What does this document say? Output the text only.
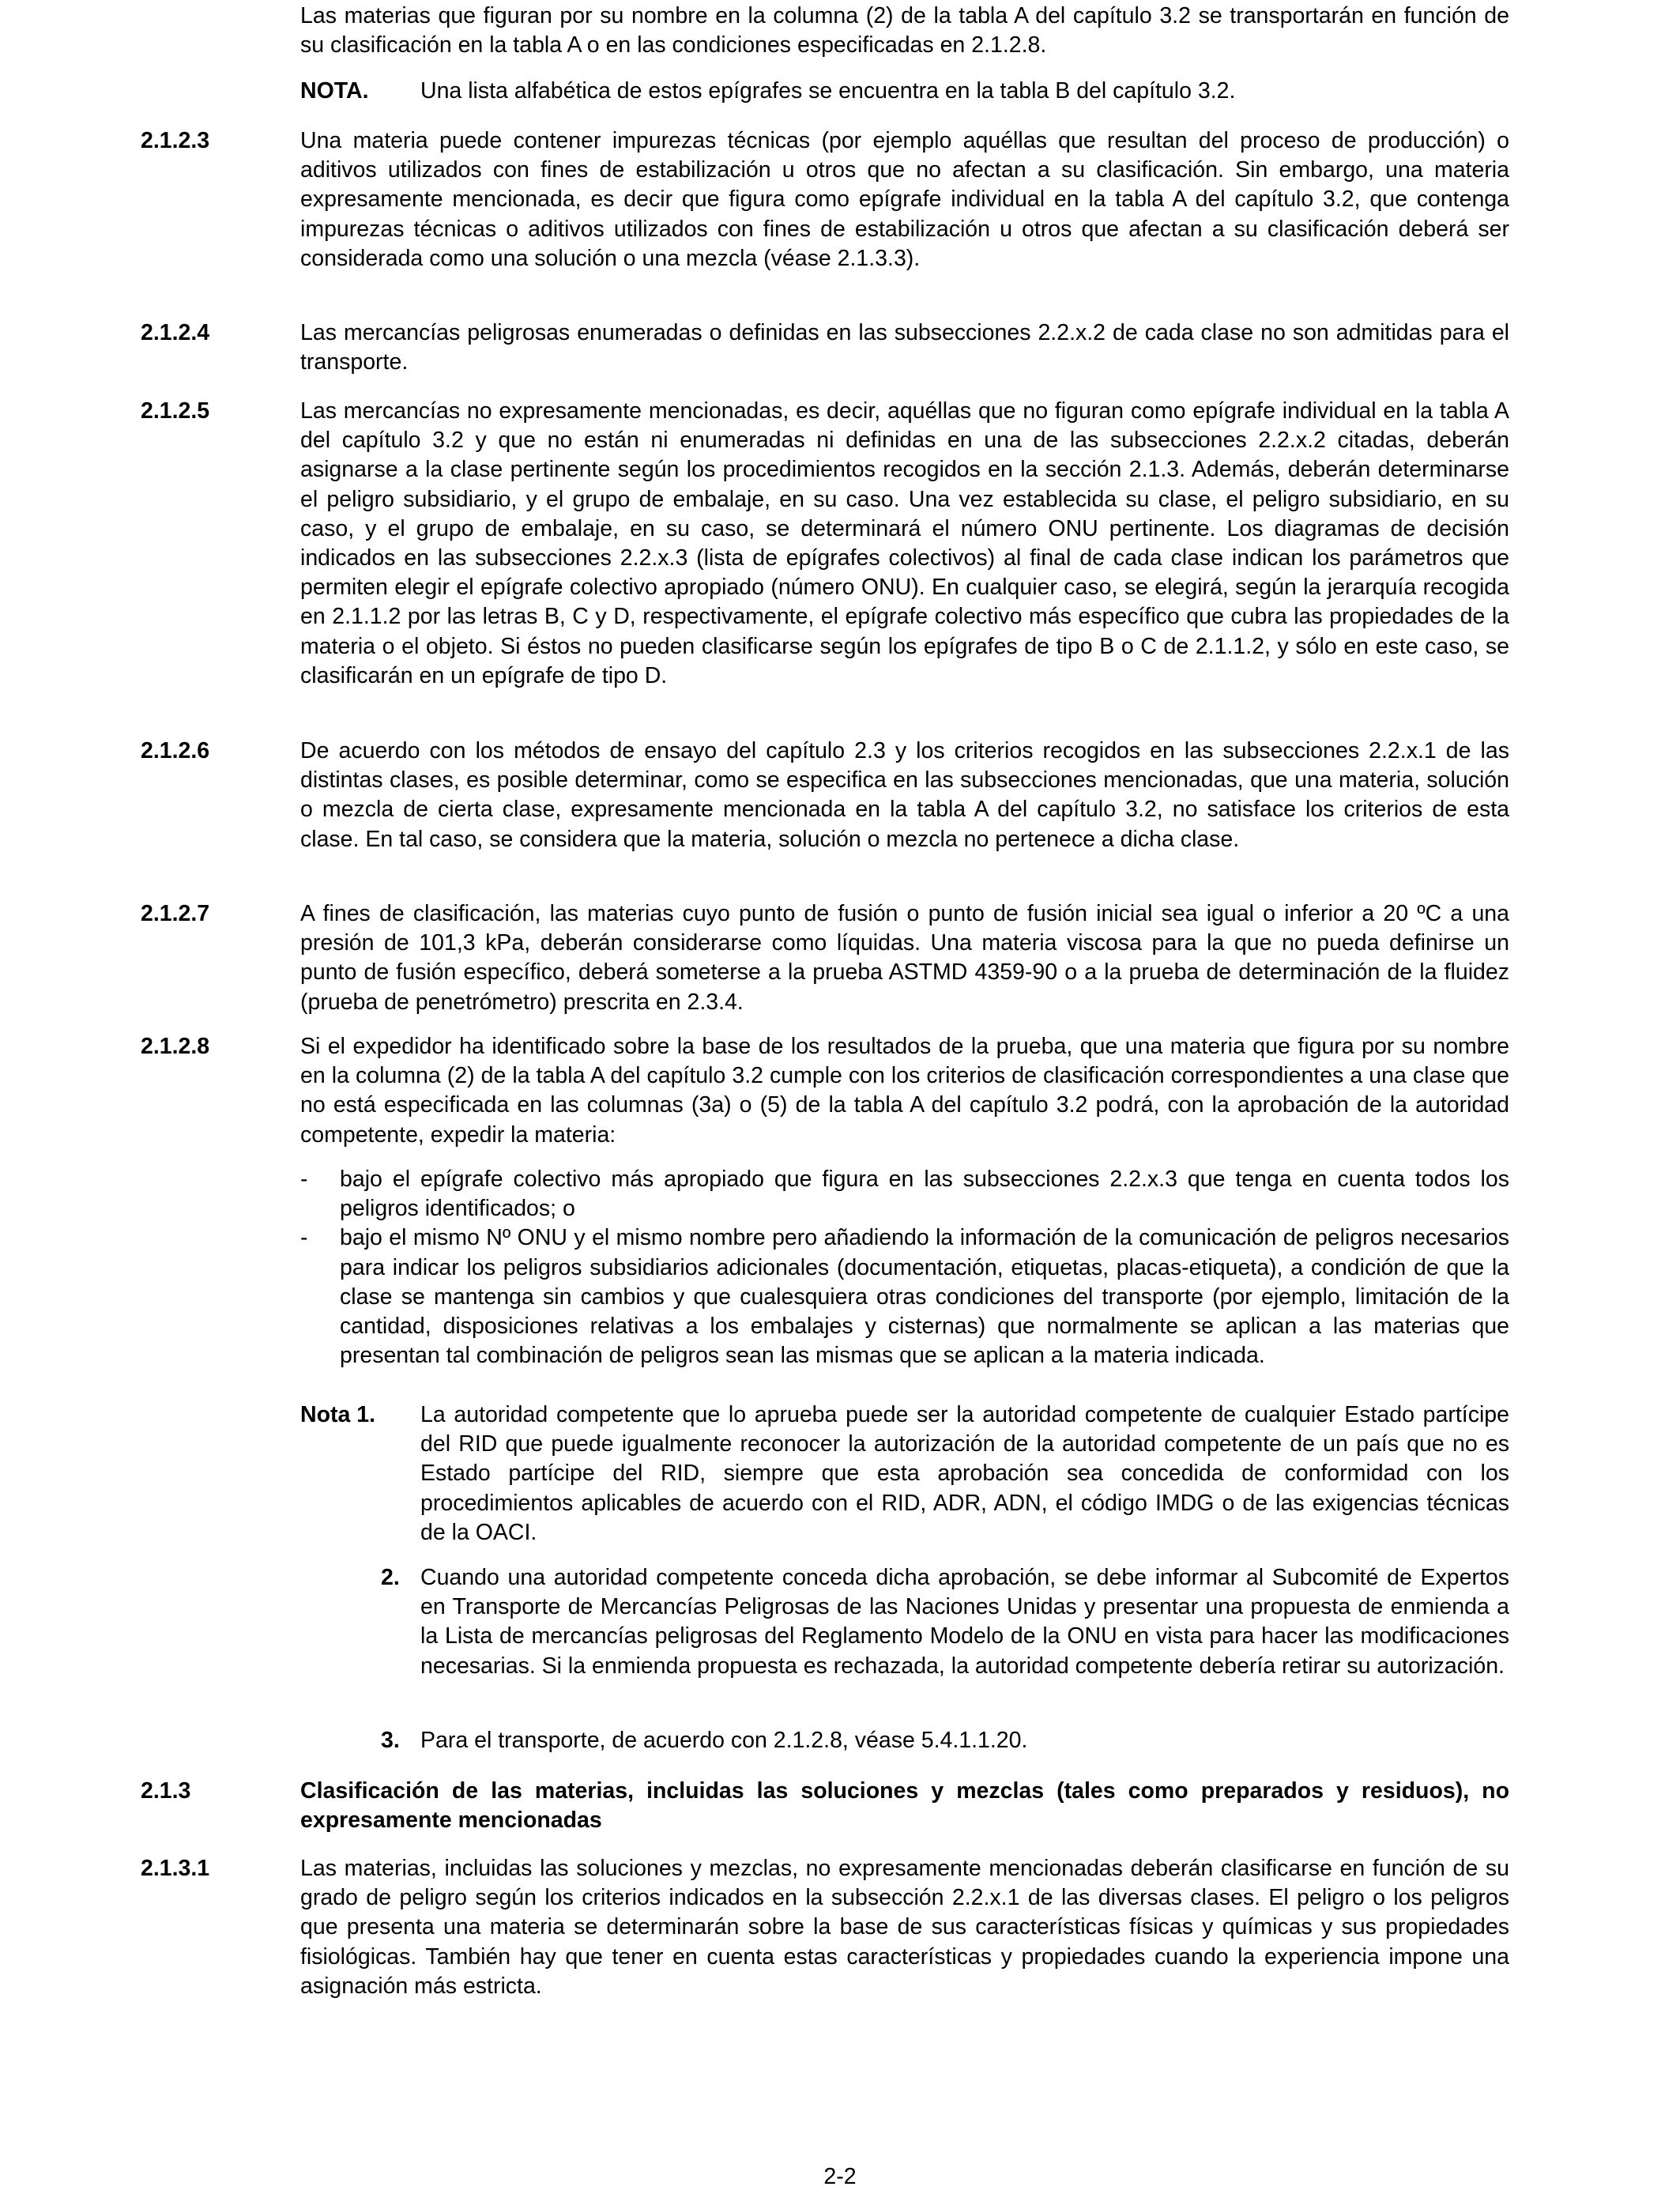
Las materias que figuran por su nombre en la columna (2) de la tabla A del capítulo 3.2 se transportarán en función de su clasificación en la tabla A o en las condiciones especificadas en 2.1.2.8.

NOTA. Una lista alfabética de estos epígrafes se encuentra en la tabla B del capítulo 3.2.
2.1.2.3	Una materia puede contener impurezas técnicas (por ejemplo aquéllas que resultan del proceso de producción) o aditivos utilizados con fines de estabilización u otros que no afectan a su clasificación. Sin embargo, una materia expresamente mencionada, es decir que figura como epígrafe individual en la tabla A del capítulo 3.2, que contenga impurezas técnicas o aditivos utilizados con fines de estabilización u otros que afectan a su clasificación deberá ser considerada como una solución o una mezcla (véase 2.1.3.3).

2.1.2.4	Las mercancías peligrosas enumeradas o definidas en las subsecciones 2.2.x.2 de cada clase no son admitidas para el transporte.

2.1.2.5	Las mercancías no expresamente mencionadas, es decir, aquéllas que no figuran como epígrafe individual en la tabla A del capítulo 3.2 y que no están ni enumeradas ni definidas en una de las subsecciones 2.2.x.2 citadas, deberán asignarse a la clase pertinente según los procedimientos recogidos en la sección 2.1.3. Además, deberán determinarse el peligro subsidiario, y el grupo de embalaje, en su caso. Una vez establecida su clase, el peligro subsidiario, en su caso, y el grupo de embalaje, en su caso, se determinará el número ONU pertinente. Los diagramas de decisión indicados en las subsecciones 2.2.x.3 (lista de epígrafes colectivos) al final de cada clase indican los parámetros que permiten elegir el epígrafe colectivo apropiado (número ONU). En cualquier caso, se elegirá, según la jerarquía recogida en 2.1.1.2 por las letras B, C y D, respectivamente, el epígrafe colectivo más específico que cubra las propiedades de la materia o el objeto. Si éstos no pueden clasificarse según los epígrafes de tipo B o C de 2.1.1.2, y sólo en este caso, se clasificarán en un epígrafe de tipo D.

2.1.2.6	De acuerdo con los métodos de ensayo del capítulo 2.3 y los criterios recogidos en las subsecciones 2.2.x.1 de las distintas clases, es posible determinar, como se especifica en las subsecciones mencionadas, que una materia, solución o mezcla de cierta clase, expresamente mencionada en la tabla A del capítulo 3.2, no satisface los criterios de esta clase. En tal caso, se considera que la materia, solución o mezcla no pertenece a dicha clase.

2.1.2.7	A fines de clasificación, las materias cuyo punto de fusión o punto de fusión inicial sea igual o inferior a 20 ºC a una presión de 101,3 kPa, deberán considerarse como líquidas. Una materia viscosa para la que no pueda definirse un punto de fusión específico, deberá someterse a la prueba ASTMD 4359-90 o a la prueba de determinación de la fluidez (prueba de penetrómetro) prescrita en 2.3.4.

2.1.2.8	Si el expedidor ha identificado sobre la base de los resultados de la prueba, que una materia que figura por su nombre en la columna (2) de la tabla A del capítulo 3.2 cumple con los criterios de clasificación correspondientes a una clase que no está especificada en las columnas (3a) o (5) de la tabla A del capítulo 3.2 podrá, con la aprobación de la autoridad competente, expedir la materia:

- bajo el epígrafe colectivo más apropiado que figura en las subsecciones 2.2.x.3 que tenga en cuenta todos los peligros identificados; o

- bajo el mismo Nº ONU y el mismo nombre pero añadiendo la información de la comunicación de peligros necesarios para indicar los peligros subsidiarios adicionales (documentación, etiquetas, placas-etiqueta), a condición de que la clase se mantenga sin cambios y que cualesquiera otras condiciones del transporte (por ejemplo, limitación de la cantidad, disposiciones relativas a los embalajes y cisternas) que normalmente se aplican a las materias que presentan tal combinación de peligros sean las mismas que se aplican a la materia indicada.

Nota 1. La autoridad competente que lo aprueba puede ser la autoridad competente de cualquier Estado partícipe del RID que puede igualmente reconocer la autorización de la autoridad competente de un país que no es Estado partícipe del RID, siempre que esta aprobación sea concedida de conformidad con los procedimientos aplicables de acuerdo con el RID, ADR, ADN, el código IMDG o de las exigencias técnicas de la OACI.

2. Cuando una autoridad competente conceda dicha aprobación, se debe informar al Subcomité de Expertos en Transporte de Mercancías Peligrosas de las Naciones Unidas y presentar una propuesta de enmienda a la Lista de mercancías peligrosas del Reglamento Modelo de la ONU en vista para hacer las modificaciones necesarias. Si la enmienda propuesta es rechazada, la autoridad competente debería retirar su autorización.

3. Para el transporte, de acuerdo con 2.1.2.8, véase 5.4.1.1.20.

2.1.3	Clasificación de las materias, incluidas las soluciones y mezclas (tales como preparados y residuos), no expresamente mencionadas

2.1.3.1	Las materias, incluidas las soluciones y mezclas, no expresamente mencionadas deberán clasificarse en función de su grado de peligro según los criterios indicados en la subsección 2.2.x.1 de las diversas clases. El peligro o los peligros que presenta una materia se determinarán sobre la base de sus características físicas y químicas y sus propiedades fisiológicas. También hay que tener en cuenta estas características y propiedades cuando la experiencia impone una asignación más estricta.

2-2
